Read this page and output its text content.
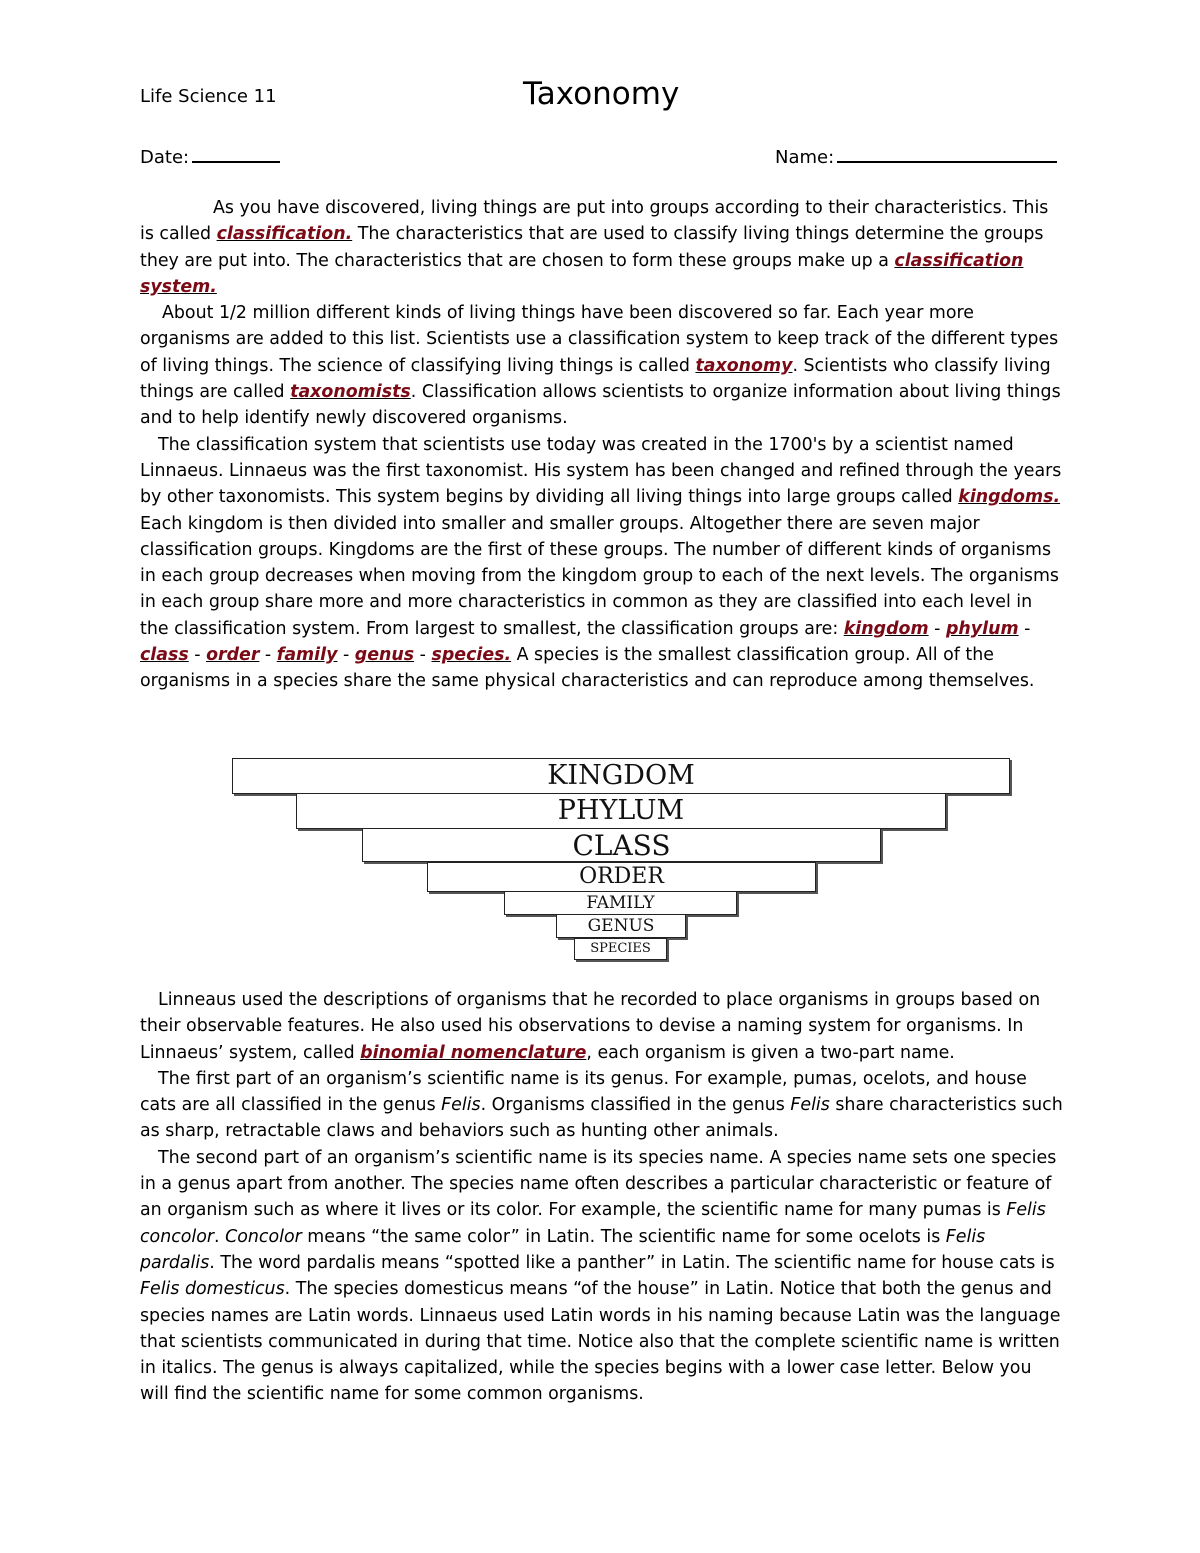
Life Science 11	Taxonomy
Date:	Name:

As you have discovered, living things are put into groups according to their characteristics. This is called classification. The characteristics that are used to classify living things determine the groups they are put into. The characteristics that are chosen to form these groups make up a classification system.

About 1/2 million different kinds of living things have been discovered so far. Each year more organisms are added to this list. Scientists use a classification system to keep track of the different types of living things. The science of classifying living things is called taxonomy. Scientists who classify living things are called taxonomists. Classification allows scientists to organize information about living things and to help identify newly discovered organisms.

The classification system that scientists use today was created in the 1700's by a scientist named Linnaeus. Linnaeus was the first taxonomist. His system has been changed and refined through the years by other taxonomists. This system begins by dividing all living things into large groups called kingdoms. Each kingdom is then divided into smaller and smaller groups. Altogether there are seven major classification groups. Kingdoms are the first of these groups. The number of different kinds of organisms in each group decreases when moving from the kingdom group to each of the next levels. The organisms in each group share more and more characteristics in common as they are classified into each level in the classification system. From largest to smallest, the classification groups are: kingdom - phylum -class - order - family - genus - species. A species is the smallest classification group. All of the organisms in a species share the same physical characteristics and can reproduce among themselves.

KINGDOM
PHYLUM
CLASS
ORDER
FAMILY
GENUS
SPECIES

Linneaus used the descriptions of organisms that he recorded to place organisms in groups based on their observable features. He also used his observations to devise a naming system for organisms. In Linnaeus’ system, called binomial nomenclature, each organism is given a two-part name.

The first part of an organism’s scientific name is its genus. For example, pumas, ocelots, and house cats are all classified in the genus Felis. Organisms classified in the genus Felis share characteristics such as sharp, retractable claws and behaviors such as hunting other animals.

The second part of an organism’s scientific name is its species name. A species name sets one species in a genus apart from another. The species name often describes a particular characteristic or feature of an organism such as where it lives or its color. For example, the scientific name for many pumas is Felis concolor. Concolor means “the same color” in Latin. The scientific name for some ocelots is Felis pardalis. The word pardalis means “spotted like a panther” in Latin. The scientific name for house cats is Felis domesticus. The species domesticus means “of the house” in Latin. Notice that both the genus and species names are Latin words. Linnaeus used Latin words in his naming because Latin was the language that scientists communicated in during that time. Notice also that the complete scientific name is written in italics. The genus is always capitalized, while the species begins with a lower case letter. Below you will find the scientific name for some common organisms.
